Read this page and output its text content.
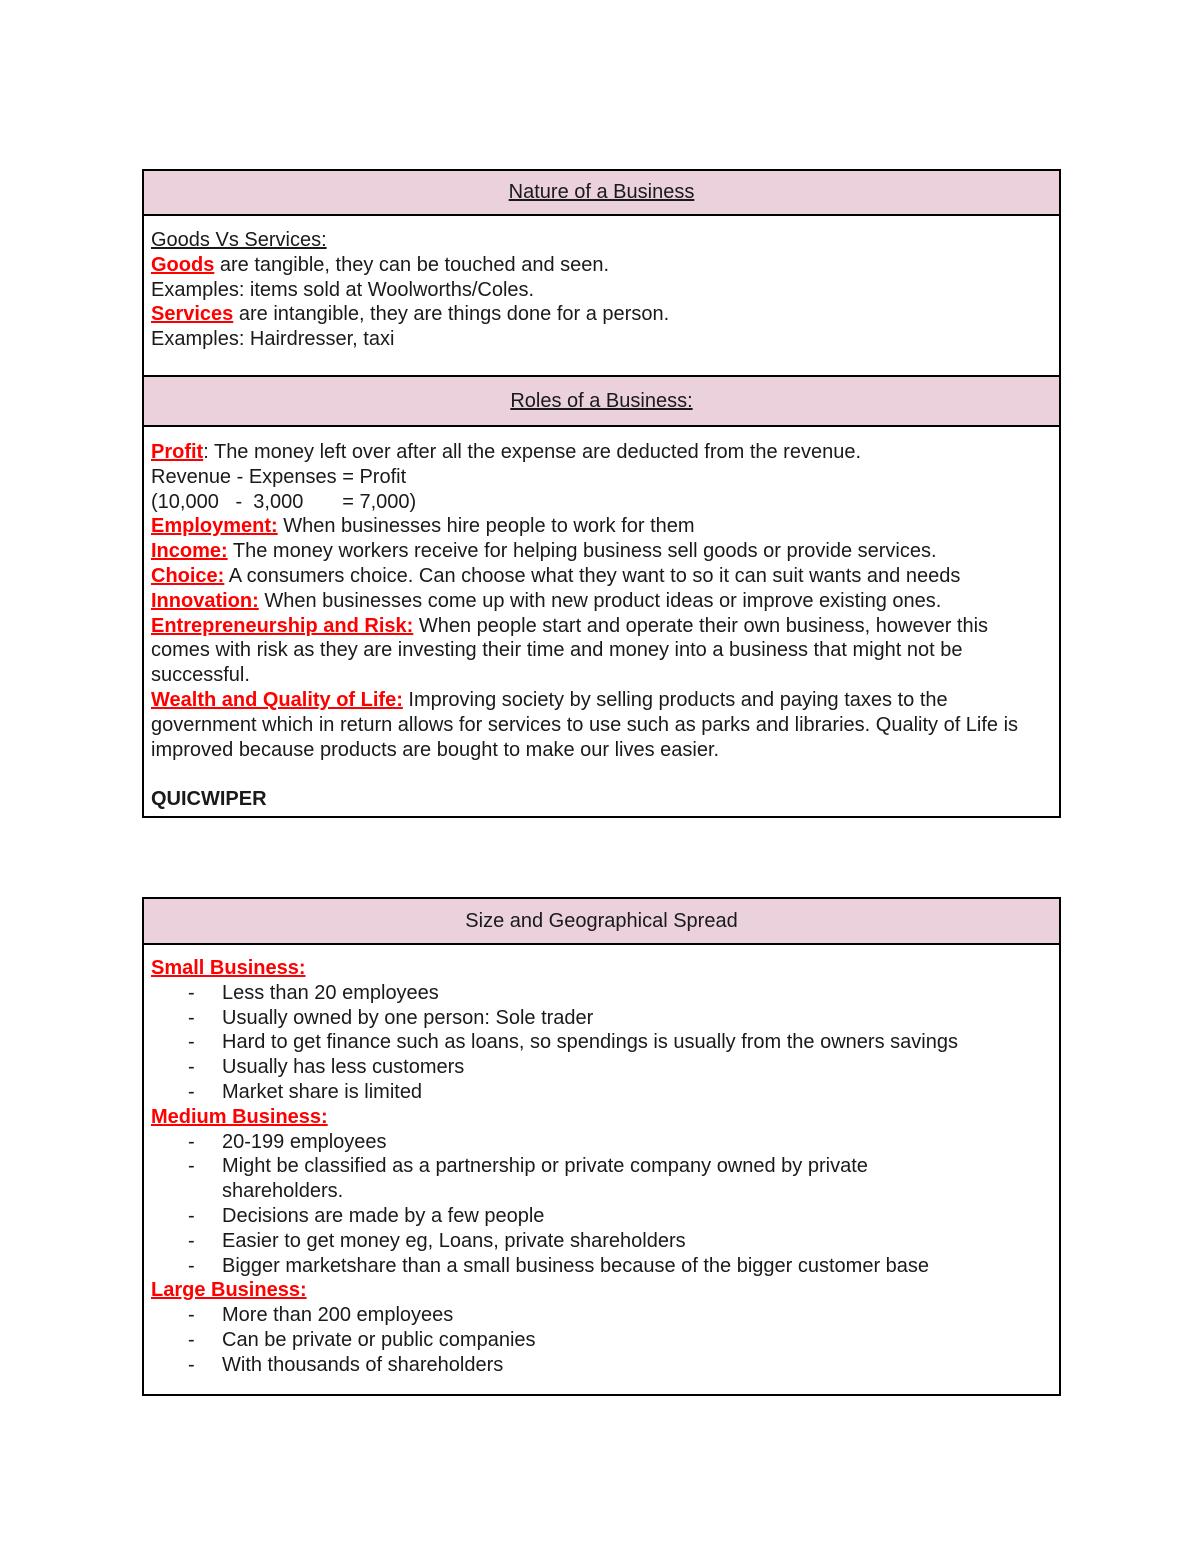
Nature of a Business

Goods Vs Services:
Goods are tangible, they can be touched and seen.
Examples: items sold at Woolworths/Coles.
Services are intangible, they are things done for a person.
Examples: Hairdresser, taxi

Roles of a Business:

Profit: The money left over after all the expense are deducted from the revenue.
Revenue - Expenses = Profit
(10,000   -  3,000       = 7,000)
Employment: When businesses hire people to work for them
Income: The money workers receive for helping business sell goods or provide services.
Choice: A consumers choice. Can choose what they want to so it can suit wants and needs
Innovation: When businesses come up with new product ideas or improve existing ones.
Entrepreneurship and Risk: When people start and operate their own business, however this comes with risk as they are investing their time and money into a business that might not be successful.
Wealth and Quality of Life: Improving society by selling products and paying taxes to the government which in return allows for services to use such as parks and libraries. Quality of Life is improved because products are bought to make our lives easier.
QUICWIPER
Size and Geographical Spread

Small Business:
- Less than 20 employees
- Usually owned by one person: Sole trader
- Hard to get finance such as loans, so spendings is usually from the owners savings
- Usually has less customers
- Market share is limited
Medium Business:
- 20-199 employees
- Might be classified as a partnership or private company owned by private shareholders.
- Decisions are made by a few people
- Easier to get money eg, Loans, private shareholders
- Bigger marketshare than a small business because of the bigger customer base
Large Business:
- More than 200 employees
- Can be private or public companies
- With thousands of shareholders
